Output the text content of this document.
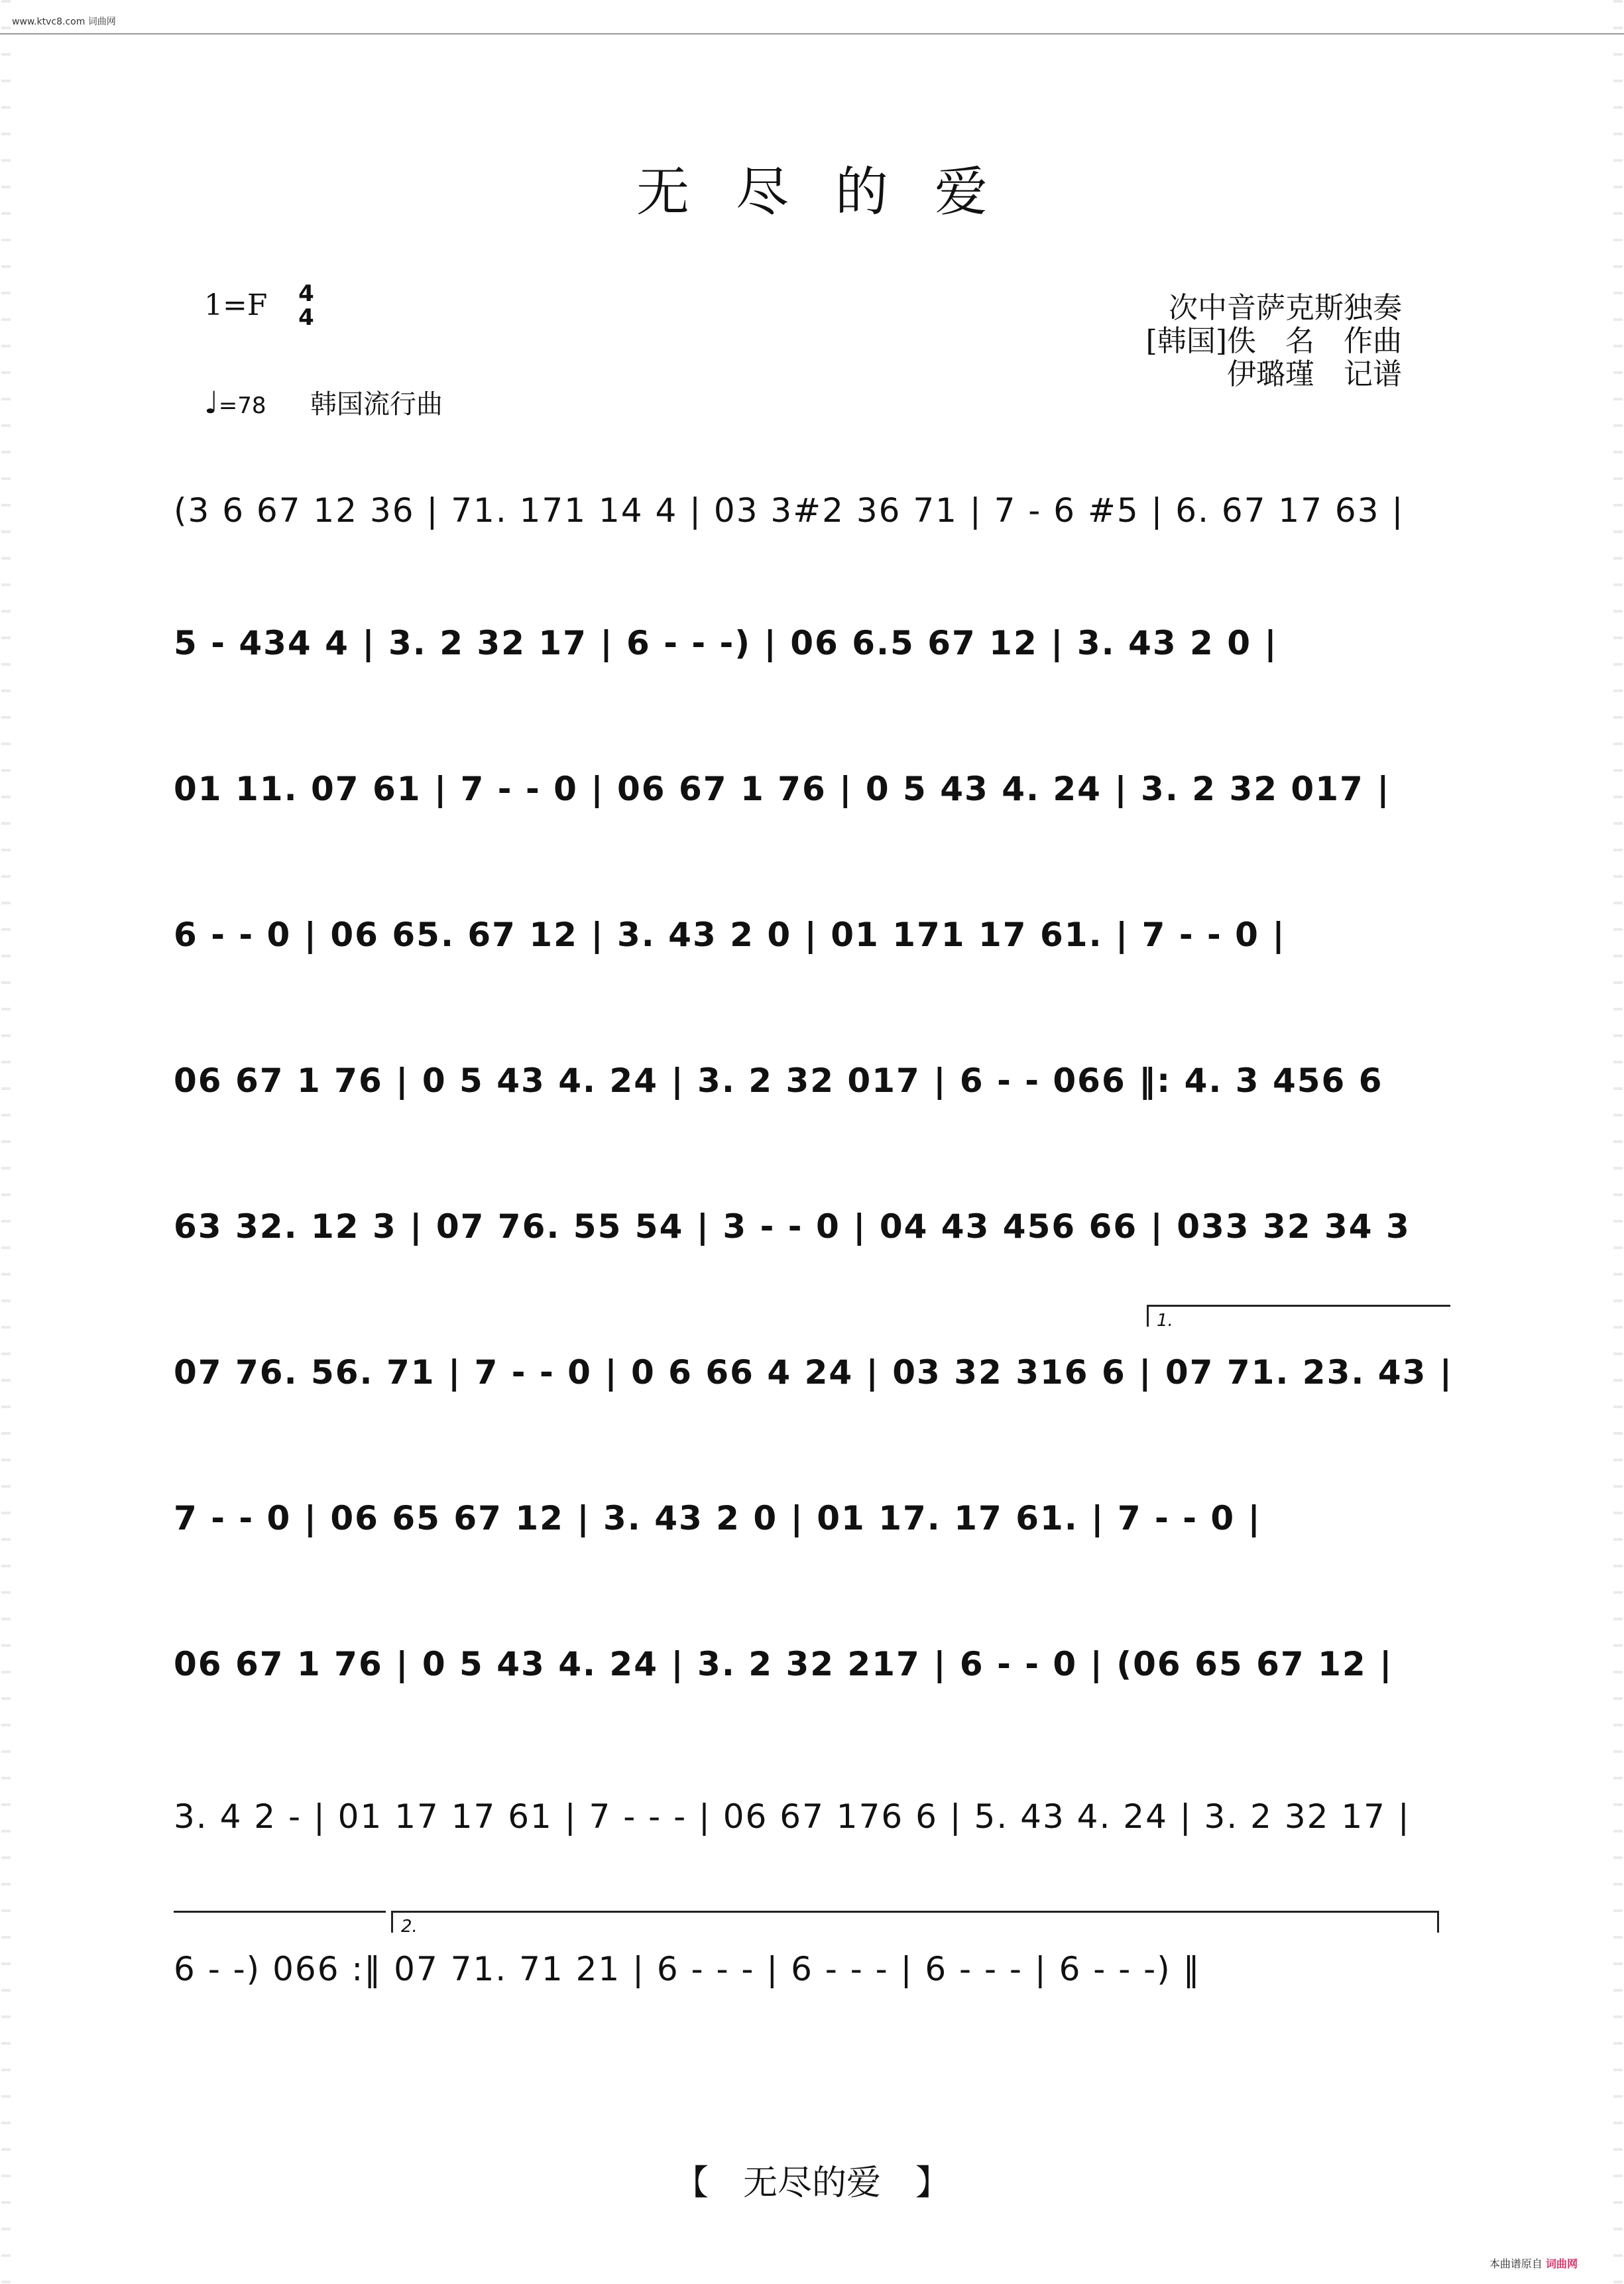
www.ktvc8.com 词曲网
无尽的爱
1=F 4
4
♩=78 韩国流行曲
次中音萨克斯独奏
[韩国]佚　名　作曲
伊璐瑾　记谱
(3 6 67 12 36 | 71. 171 14 4 | 03 3#2 36 71 | 7 - 6 #5 | 6. 67 17 63 |
5 - 434 4 | 3. 2 32 17 | 6 - - -) | 06 6.5 67 12 | 3. 43 2 0 |
01 11. 07 61 | 7 - - 0 | 06 67 1 76 | 0 5 43 4. 24 | 3. 2 32 017 |
6 - - 0 | 06 65. 67 12 | 3. 43 2 0 | 01 171 17 61. | 7 - - 0 |
06 67 1 76 | 0 5 43 4. 24 | 3. 2 32 017 | 6 - - 066 ‖: 4. 3 456 6
63 32. 12 3 | 07 76. 55 54 | 3 - - 0 | 04 43 456 66 | 033 32 34 3
07 76. 56. 71 | 7 - - 0 | 0 6 66 4 24 | 03 32 316 6 | 07 71. 23. 43 |
7 - - 0 | 06 65 67 12 | 3. 43 2 0 | 01 17. 17 61. | 7 - - 0 |
06 67 1 76 | 0 5 43 4. 24 | 3. 2 32 217 | 6 - - 0 | (06 65 67 12 |
3. 4 2 - | 01 17 17 61 | 7 - - - | 06 67 176 6 | 5. 43 4. 24 | 3. 2 32 17 |
6 - -) 066 :‖ 07 71. 71 21 | 6 - - - | 6 - - - | 6 - - - | 6 - - -) ‖
1.
2.
【　无尽的爱　】
本曲谱原自 词曲网
